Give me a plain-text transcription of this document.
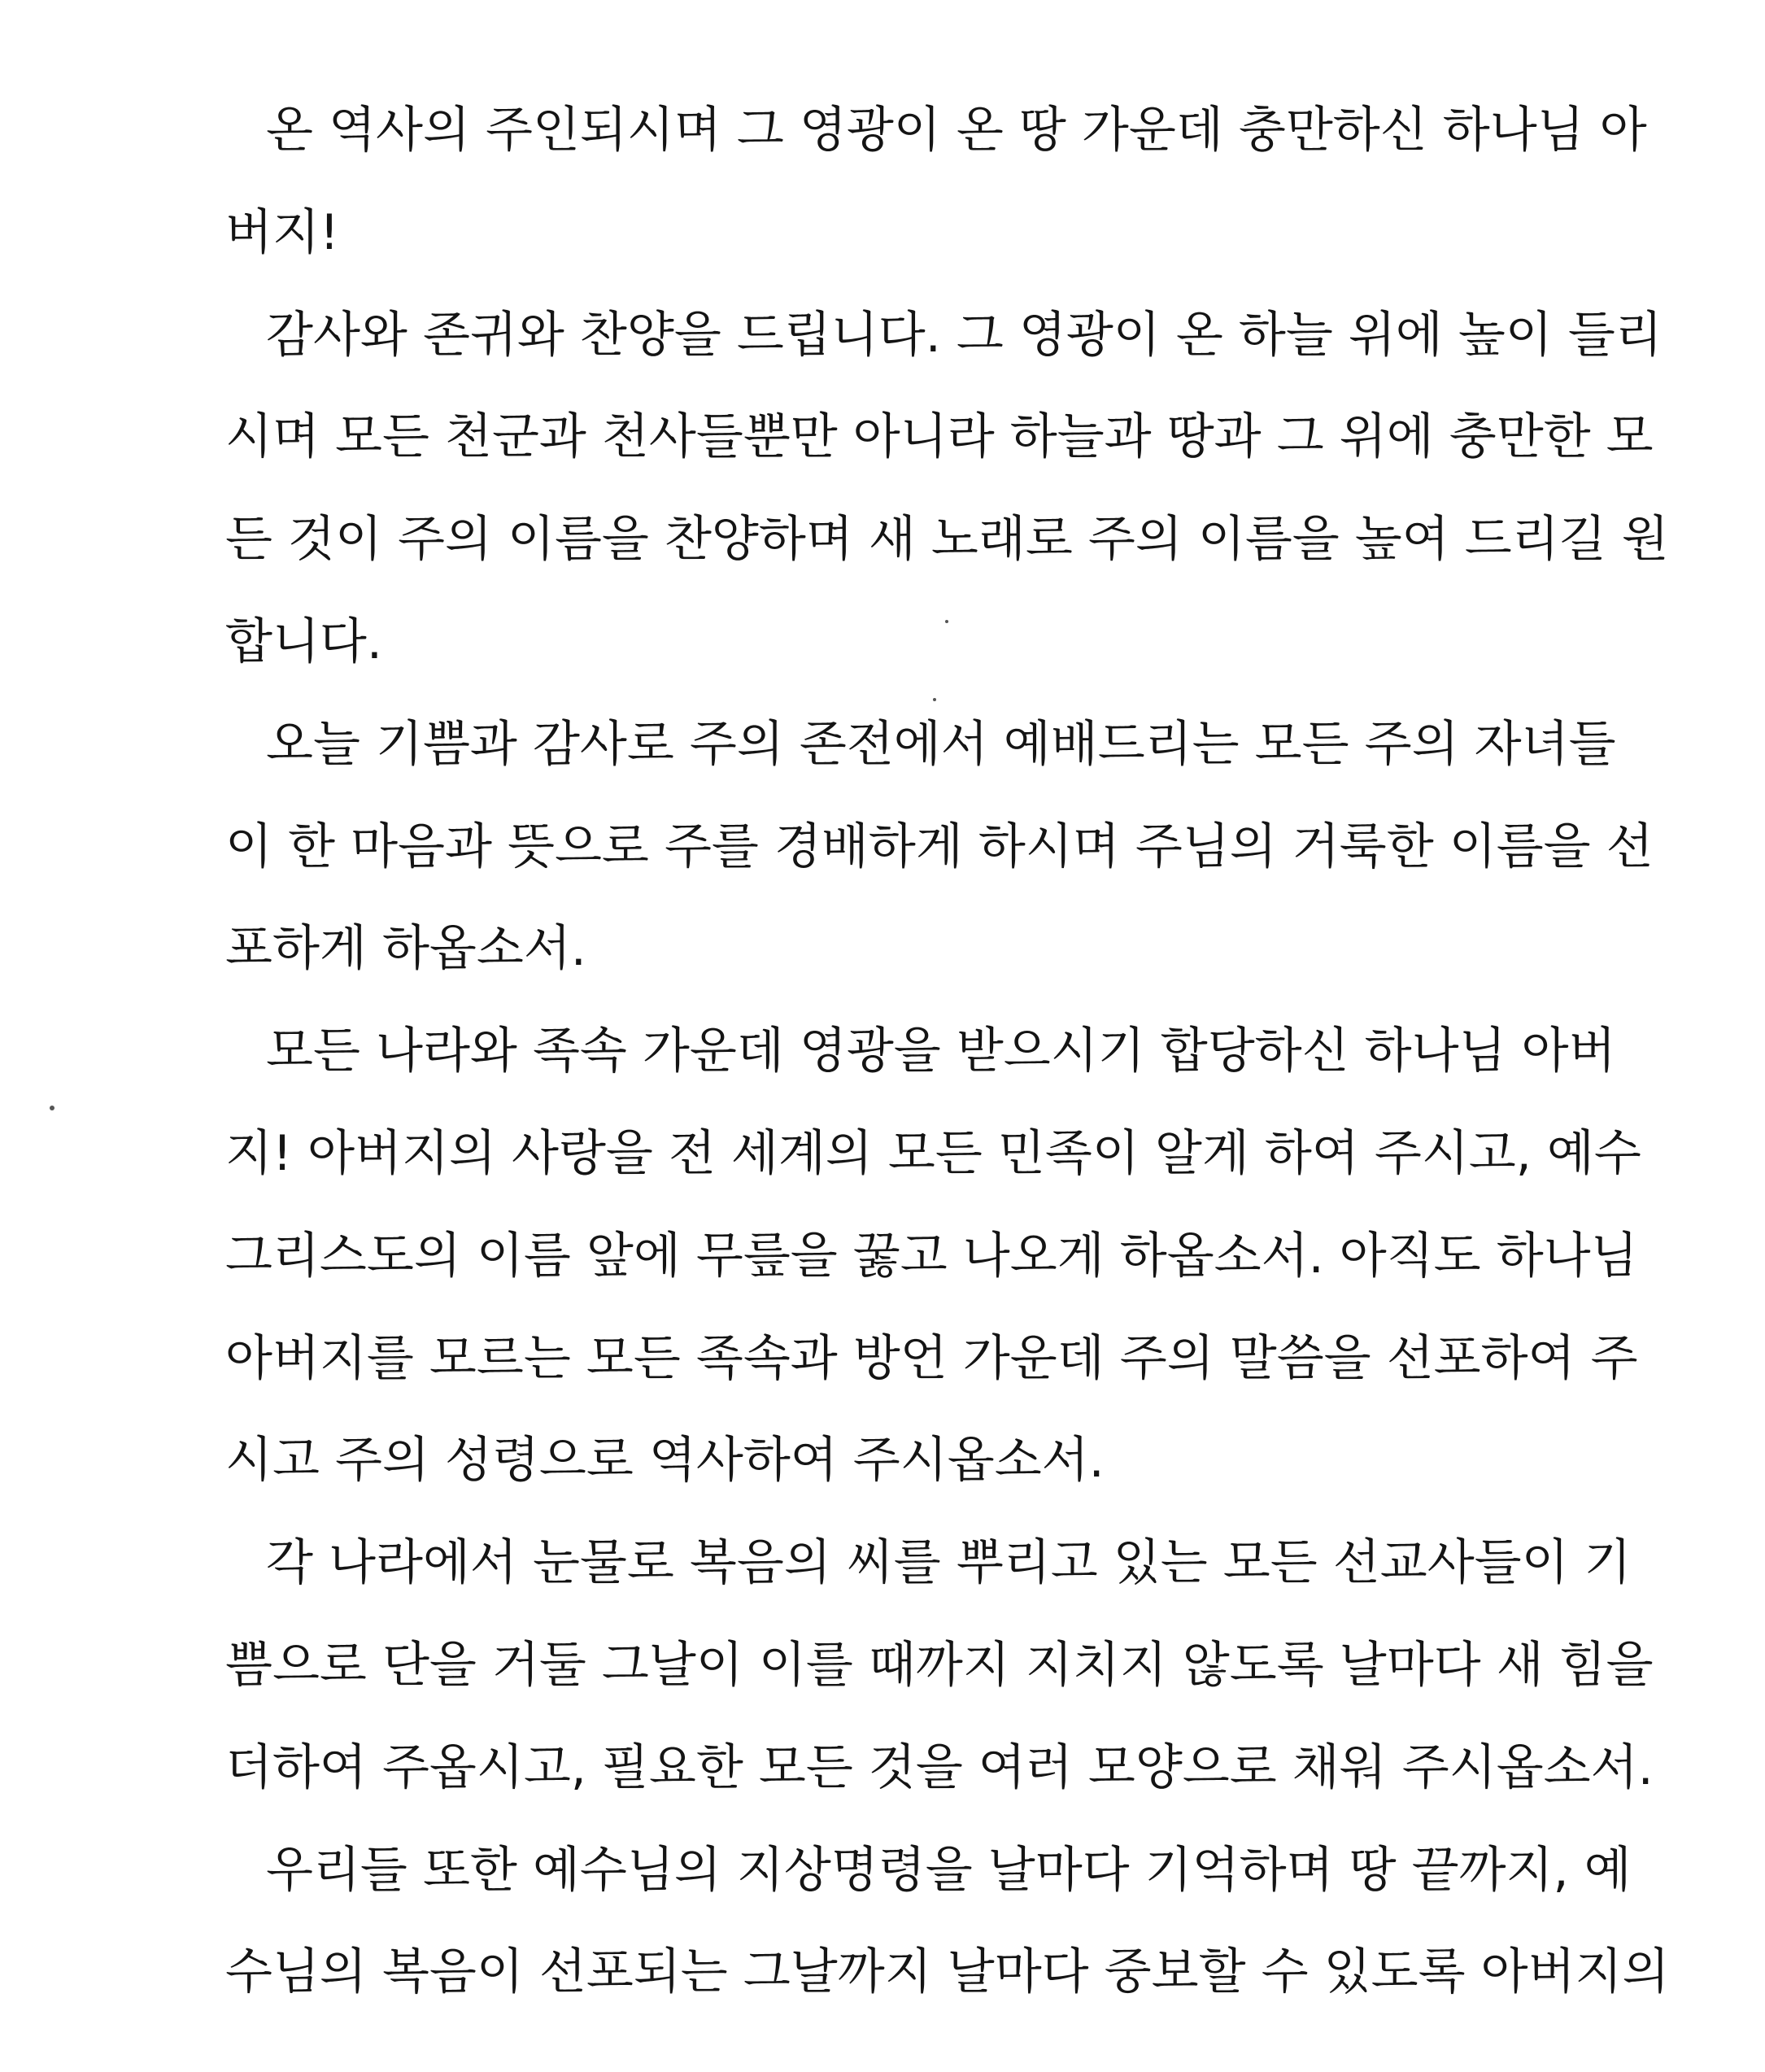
온 역사의 주인되시며 그 영광이 온 땅 가운데 충만하신 하나님 아
버지!
감사와 존귀와 찬양을 드립니다. 그 영광이 온 하늘 위에 높이 들리
시며 모든 천군과 천사들뿐만 아니라 하늘과 땅과 그 위에 충만한 모
든 것이 주의 이름을 찬양하며 새 노래로 주의 이름을 높여 드리길 원
합니다.
오늘 기쁨과 감사로 주의 존전에서 예배드리는 모든 주의 자녀들
이 한 마음과 뜻으로 주를 경배하게 하시며 주님의 거룩한 이름을 선
포하게 하옵소서.
모든 나라와 족속 가운데 영광을 받으시기 합당하신 하나님 아버
지! 아버지의 사랑을 전 세계의 모든 민족이 알게 하여 주시고, 예수
그리스도의 이름 앞에 무릎을 꿇고 나오게 하옵소서. 아직도 하나님
아버지를 모르는 모든 족속과 방언 가운데 주의 말씀을 선포하여 주
시고 주의 성령으로 역사하여 주시옵소서.
각 나라에서 눈물로 복음의 씨를 뿌리고 있는 모든 선교사들이 기
쁨으로 단을 거둘 그날이 이를 때까지 지치지 않도록 날마다 새 힘을
더하여 주옵시고, 필요한 모든 것을 여러 모양으로 채워 주시옵소서.
우리들 또한 예수님의 지상명령을 날마다 기억하며 땅 끝까지, 예
수님의 복음이 선포되는 그날까지 날마다 중보할 수 있도록 아버지의
